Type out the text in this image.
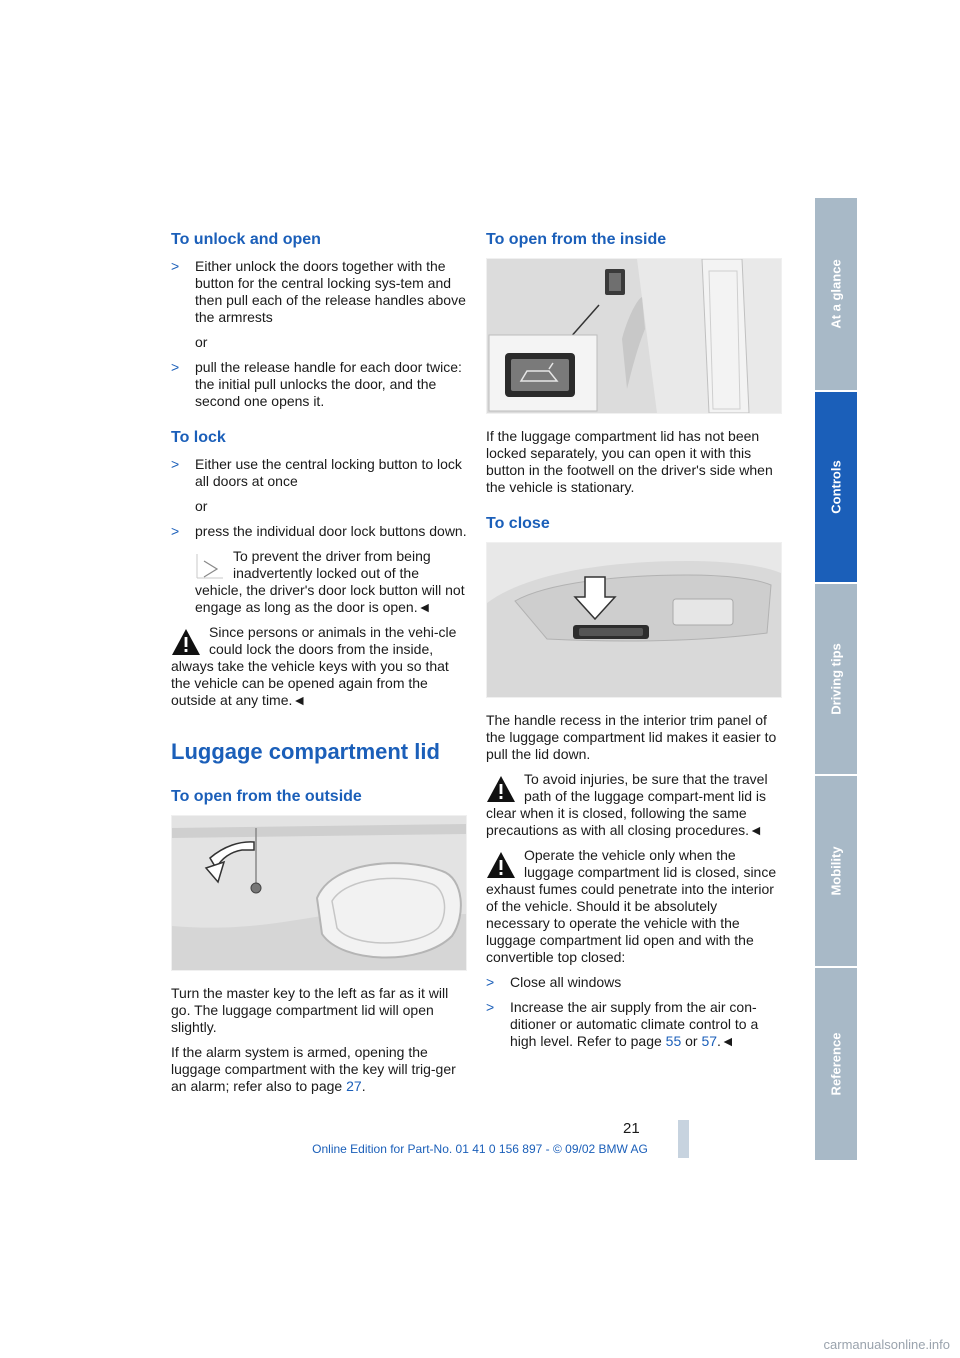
To unlock and open
> Either unlock the doors together with the button for the central locking sys-tem and then pull each of the release handles above the armrests
or
> pull the release handle for each door twice: the initial pull unlocks the door, and the second one opens it.
To lock
> Either use the central locking button to lock all doors at once
or
> press the individual door lock buttons down.
To prevent the driver from being inadvertently locked out of the vehicle, the driver's door lock button will not engage as long as the door is open.◄
Since persons or animals in the vehi-cle could lock the doors from the inside, always take the vehicle keys with you so that the vehicle can be opened again from the outside at any time.◄
Luggage compartment lid
To open from the outside

Turn the master key to the left as far as it will go. The luggage compartment lid will open slightly.

If the alarm system is armed, opening the luggage compartment with the key will trig-ger an alarm; refer also to page 27.

To open from the inside

If the luggage compartment lid has not been locked separately, you can open it with this button in the footwell on the driver's side when the vehicle is stationary.

To close

The handle recess in the interior trim panel of the luggage compartment lid makes it easier to pull the lid down.

To avoid injuries, be sure that the travel path of the luggage compart-ment lid is clear when it is closed, following the same precautions as with all closing procedures.◄
Operate the vehicle only when the luggage compartment lid is closed, since exhaust fumes could penetrate into the interior of the vehicle. Should it be absolutely necessary to operate the vehicle with the luggage compartment lid open and with the convertible top closed:
> Close all windows
> Increase the air supply from the air con-ditioner or automatic climate control to a high level. Refer to page 55 or 57.◄
At a glance
Controls
Driving tips
Mobility
Reference
21
Online Edition for Part-No. 01 41 0 156 897 - © 09/02 BMW AG
carmanualsonline.info
